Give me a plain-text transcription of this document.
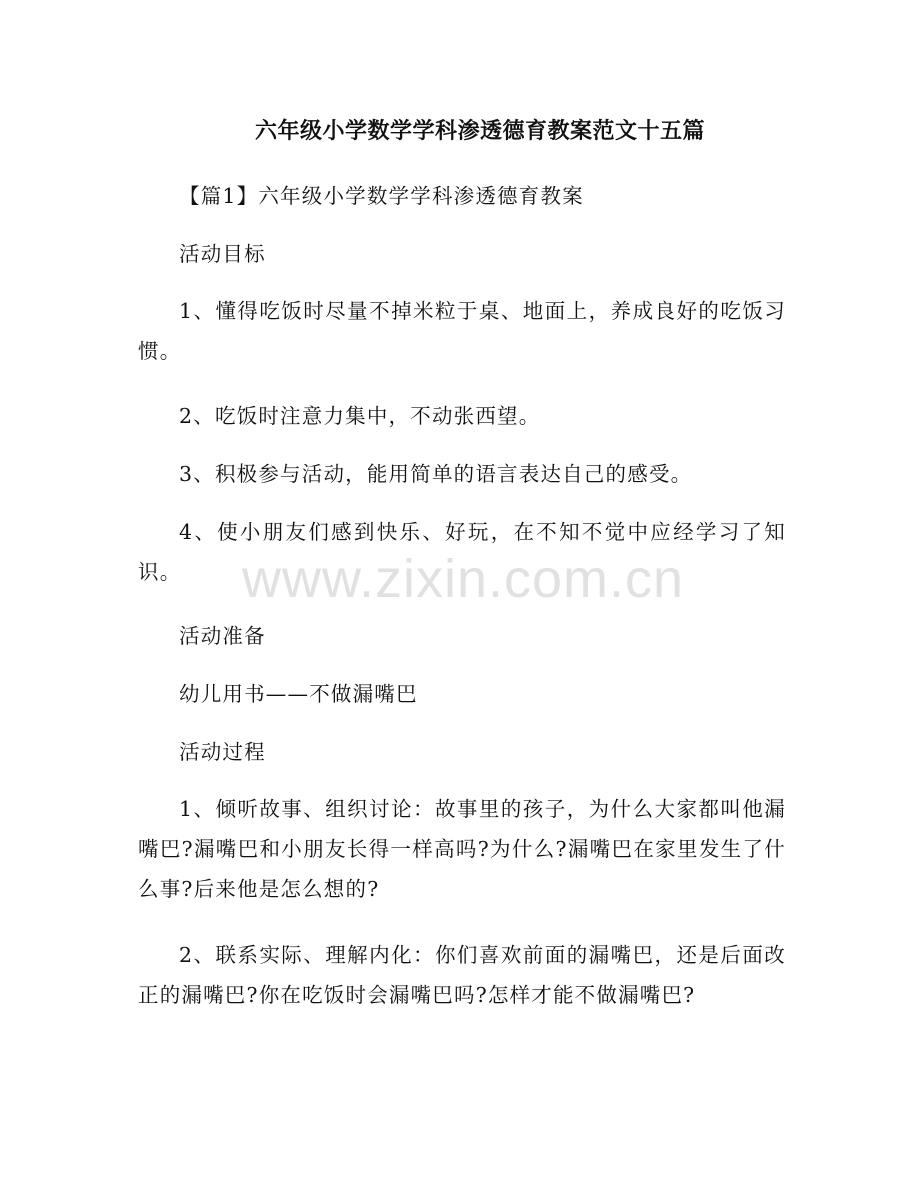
六年级小学数学学科渗透德育教案范文十五篇

【篇1】六年级小学数学学科渗透德育教案

活动目标

1、懂得吃饭时尽量不掉米粒于桌、地面上，养成良好的吃饭习惯。

2、吃饭时注意力集中，不动张西望。

3、积极参与活动，能用简单的语言表达自己的感受。

4、使小朋友们感到快乐、好玩，在不知不觉中应经学习了知识。

活动准备

幼儿用书——不做漏嘴巴

活动过程

1、倾听故事、组织讨论：故事里的孩子，为什么大家都叫他漏嘴巴?漏嘴巴和小朋友长得一样高吗?为什么?漏嘴巴在家里发生了什么事?后来他是怎么想的?

2、联系实际、理解内化：你们喜欢前面的漏嘴巴，还是后面改正的漏嘴巴?你在吃饭时会漏嘴巴吗?怎样才能不做漏嘴巴?

www.zixin.com.cn
